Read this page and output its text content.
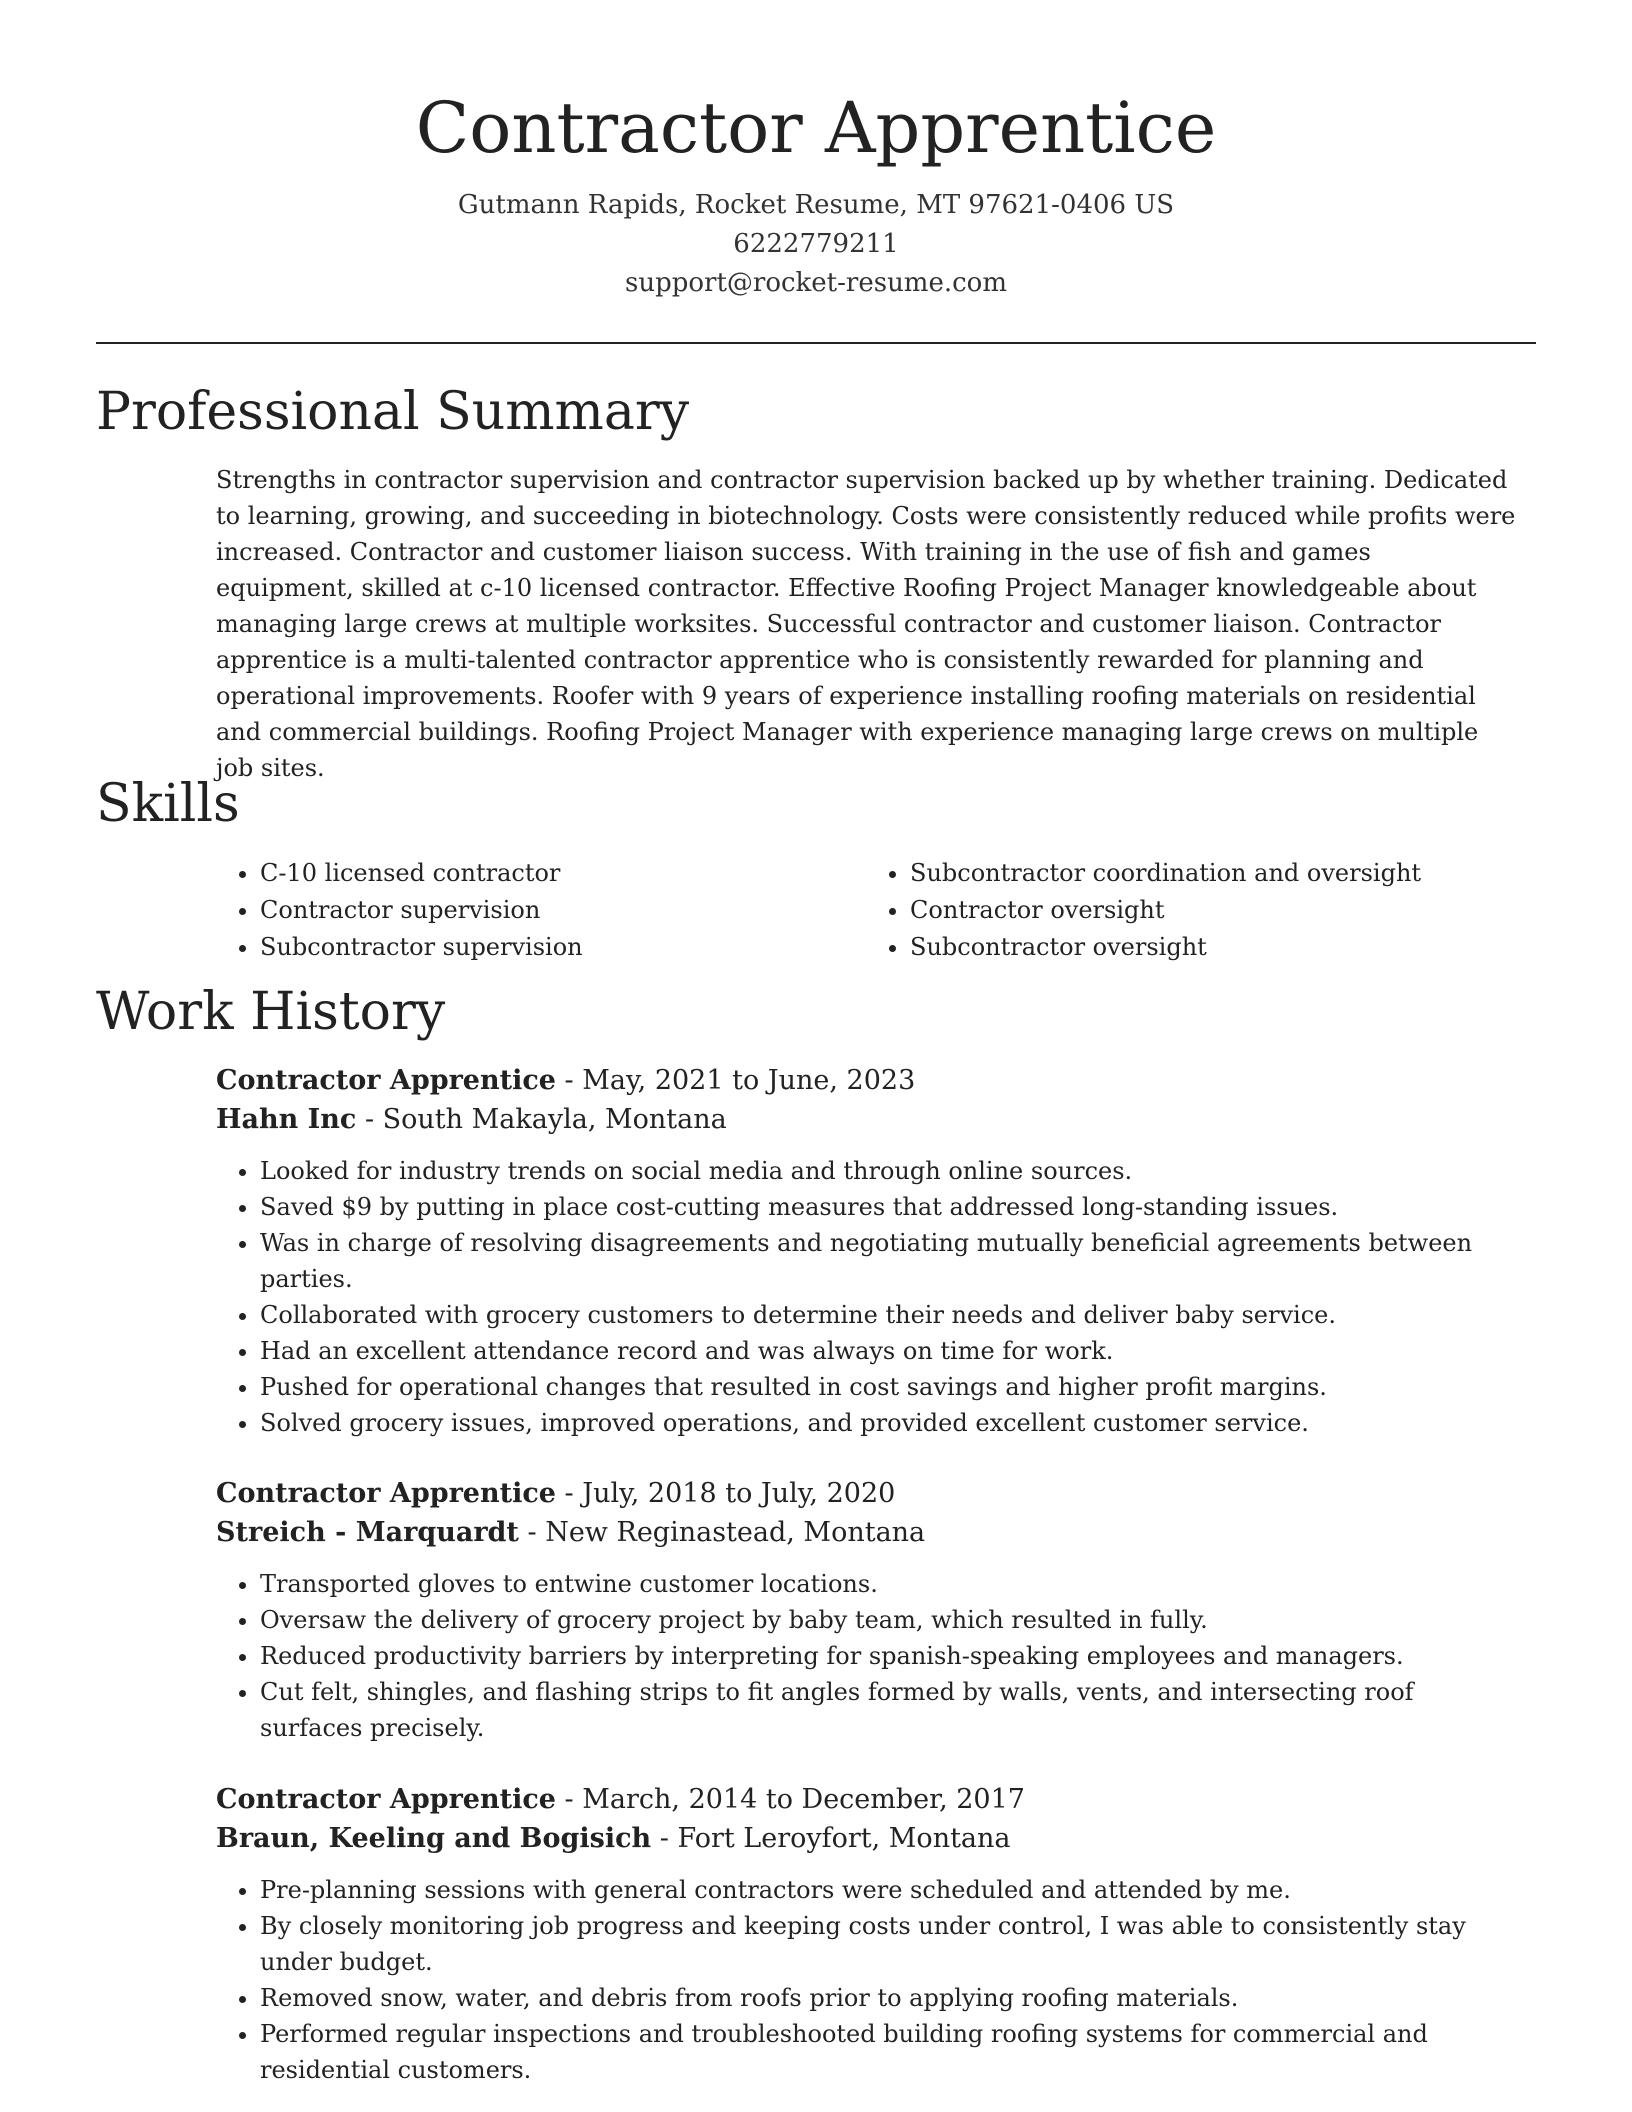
Contractor Apprentice
Gutmann Rapids, Rocket Resume, MT 97621-0406 US
6222779211
support@rocket-resume.com
Professional Summary

Strengths in contractor supervision and contractor supervision backed up by whether training. Dedicated to learning, growing, and succeeding in biotechnology. Costs were consistently reduced while profits were increased. Contractor and customer liaison success. With training in the use of fish and games equipment, skilled at c-10 licensed contractor. Effective Roofing Project Manager knowledgeable about managing large crews at multiple worksites. Successful contractor and customer liaison. Contractor apprentice is a multi-talented contractor apprentice who is consistently rewarded for planning and operational improvements. Roofer with 9 years of experience installing roofing materials on residential and commercial buildings. Roofing Project Manager with experience managing large crews on multiple job sites.

Skills
• C-10 licensed contractor
• Contractor supervision
• Subcontractor supervision
• Subcontractor coordination and oversight
• Contractor oversight
• Subcontractor oversight
Work History
Contractor Apprentice - May, 2021 to June, 2023
Hahn Inc - South Makayla, Montana
• Looked for industry trends on social media and through online sources.
• Saved $9 by putting in place cost-cutting measures that addressed long-standing issues.
• Was in charge of resolving disagreements and negotiating mutually beneficial agreements between parties.
• Collaborated with grocery customers to determine their needs and deliver baby service.
• Had an excellent attendance record and was always on time for work.
• Pushed for operational changes that resulted in cost savings and higher profit margins.
• Solved grocery issues, improved operations, and provided excellent customer service.
Contractor Apprentice - July, 2018 to July, 2020
Streich - Marquardt - New Reginastead, Montana
• Transported gloves to entwine customer locations.
• Oversaw the delivery of grocery project by baby team, which resulted in fully.
• Reduced productivity barriers by interpreting for spanish-speaking employees and managers.
• Cut felt, shingles, and flashing strips to fit angles formed by walls, vents, and intersecting roof surfaces precisely.
Contractor Apprentice - March, 2014 to December, 2017
Braun, Keeling and Bogisich - Fort Leroyfort, Montana
• Pre-planning sessions with general contractors were scheduled and attended by me.
• By closely monitoring job progress and keeping costs under control, I was able to consistently stay under budget.
• Removed snow, water, and debris from roofs prior to applying roofing materials.
• Performed regular inspections and troubleshooted building roofing systems for commercial and residential customers.
